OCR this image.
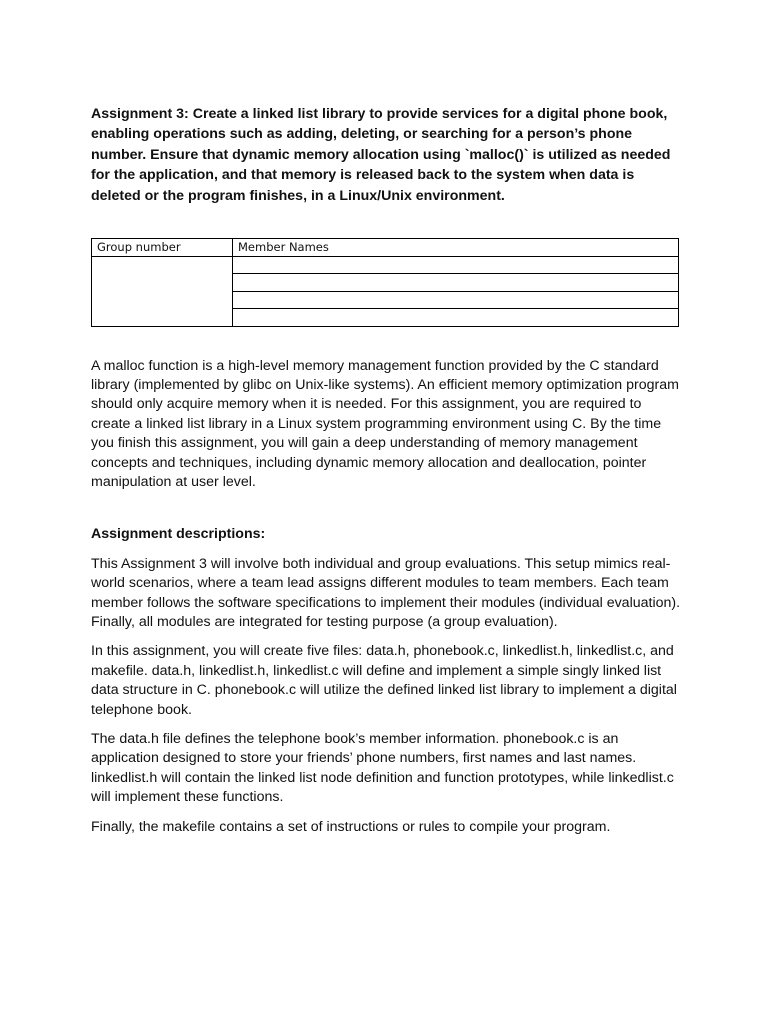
Assignment 3: Create a linked list library to provide services for a digital phone book, enabling operations such as adding, deleting, or searching for a person’s phone number. Ensure that dynamic memory allocation using `malloc()` is utilized as needed for the application, and that memory is released back to the system when data is deleted or the program finishes, in a Linux/Unix environment.

Group number	Member Names

A malloc function is a high-level memory management function provided by the C standard library (implemented by glibc on Unix-like systems). An efficient memory optimization program should only acquire memory when it is needed. For this assignment, you are required to create a linked list library in a Linux system programming environment using C. By the time you finish this assignment, you will gain a deep understanding of memory management concepts and techniques, including dynamic memory allocation and deallocation, pointer manipulation at user level.

Assignment descriptions:

This Assignment 3 will involve both individual and group evaluations. This setup mimics real-world scenarios, where a team lead assigns different modules to team members. Each team member follows the software specifications to implement their modules (individual evaluation). Finally, all modules are integrated for testing purpose (a group evaluation).

In this assignment, you will create five files: data.h, phonebook.c, linkedlist.h, linkedlist.c, and makefile. data.h, linkedlist.h, linkedlist.c will define and implement a simple singly linked list data structure in C. phonebook.c will utilize the defined linked list library to implement a digital telephone book.

The data.h file defines the telephone book’s member information. phonebook.c is an application designed to store your friends’ phone numbers, first names and last names. linkedlist.h will contain the linked list node definition and function prototypes, while linkedlist.c will implement these functions.

Finally, the makefile contains a set of instructions or rules to compile your program.
